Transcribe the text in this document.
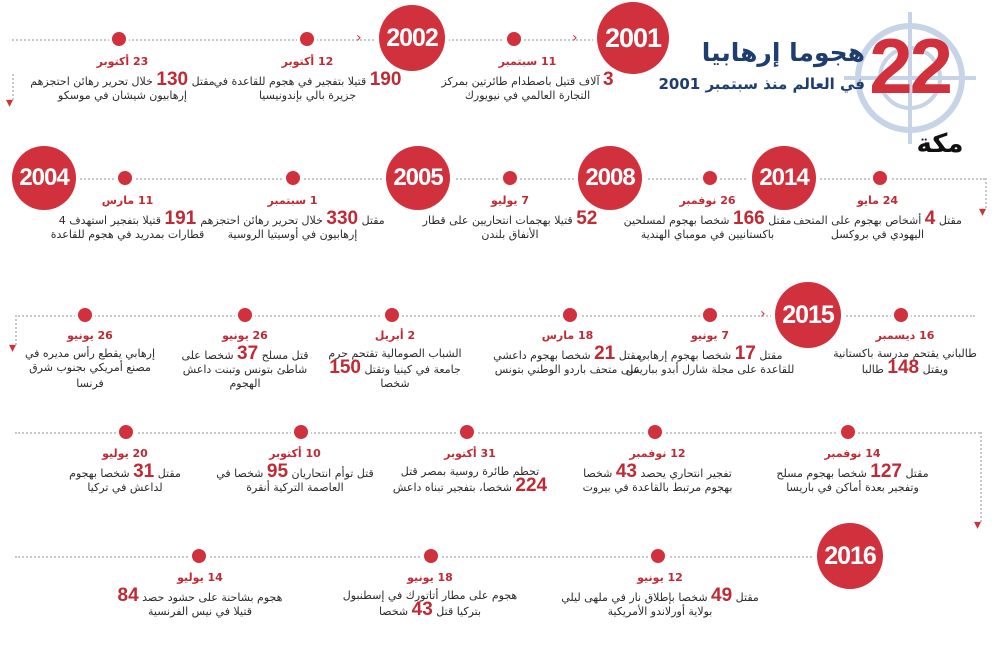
22
هجوما إرهابيا
في العالم منذ سبتمبر 2001
مكة
▾
▾
▾
▾
‹
‹
‹
2001
2002
2004	2005	2008	2014
2015
2016
11 سبتمبر
3 آلاف قتيل باصطدام طائرتين بمركز التجارة العالمي في نيويورك
12 أكتوبر
190 قتيلا بتفجير في هجوم للقاعدة في جزيرة بالي بإندونيسيا
23 أكتوبر
مقتل 130 خلال تحرير رهائن احتجزهم إرهابيون شيشان في موسكو
24 مايو
مقتل 4 أشخاص بهجوم على المتحف اليهودي في بروكسل
26 نوفمبر
مقتل 166 شخصا بهجوم لمسلحين باكستانيين في مومباي الهندية
7 يوليو
52 قتيلا بهجمات انتحاريين على قطار الأنفاق بلندن
1 سبتمبر
مقتل 330 خلال تحرير رهائن احتجزهم إرهابيون في أوسيتيا الروسية
11 مارس
191 قتيلا بتفجير استهدف 4 قطارات بمدريد في هجوم للقاعدة
16 ديسمبر
طالباني يقتحم مدرسة باكستانية ويقتل 148 طالبا
7 يونيو
مقتل 17 شخصا بهجوم إرهابي للقاعدة على مجلة شارل أبدو بباريس
18 مارس
مقتل 21 شخصا بهجوم داعشي على متحف باردو الوطني بتونس
2 أبريل
الشباب الصومالية تقتحم حرم جامعة في كينيا وتقتل 150 شخصا
26 يونيو
قتل مسلح 37 شخصا على شاطئ بتونس وتبنت داعش الهجوم
26 يونيو
إرهابي يقطع رأس مديره في مصنع أمريكي بجنوب شرق فرنسا
14 نوفمبر
مقتل 127 شخصا بهجوم مسلح وتفجير بعدة أماكن في باريسا
12 نوفمبر
تفجير انتحاري يحصد 43 شخصا بهجوم مرتبط بالقاعدة في بيروت
31 أكتوبر
تحطم طائرة روسية بمصر قتل 224 شخصا، بتفجير تبناه داعش
10 أكتوبر
قتل توأم انتحاريان 95 شخصا في العاصمة التركية أنقرة
20 يوليو
مقتل 31 شخصا بهجوم لداعش في تركيا
12 يونيو
مقتل 49 شخصا بإطلاق نار في ملهى ليلي بولاية أورلاندو الأمريكية
18 يونيو
هجوم على مطار أتاتورك في إسطنبول بتركيا قتل 43 شخصا
14 يوليو
هجوم بشاحنة على حشود حصد 84 قتيلا في نيس الفرنسية
